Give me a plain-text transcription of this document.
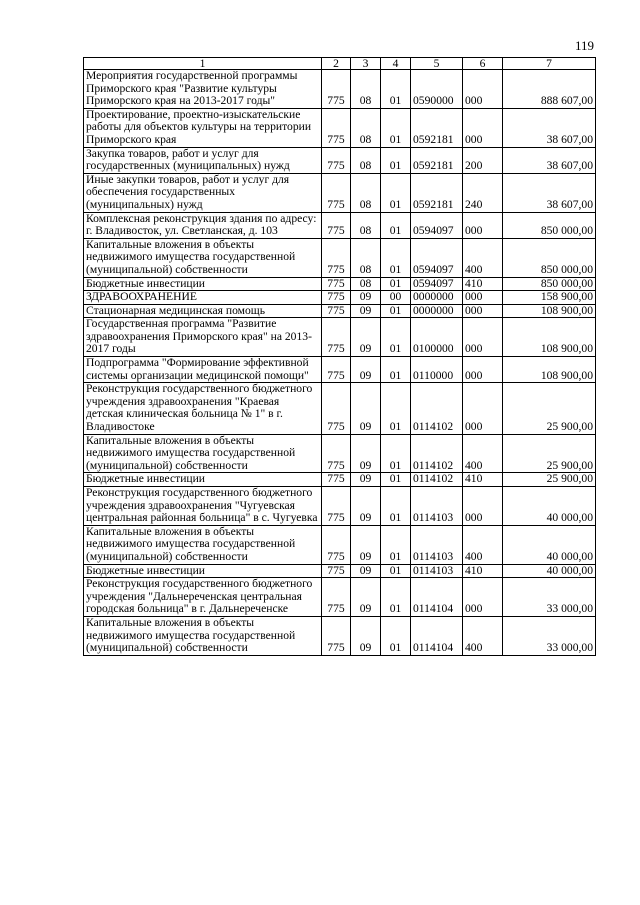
119
1	2	3	4	5	6	7
Мероприятия государственной программы Приморского края "Развитие культуры Приморского края на 2013-2017 годы"	775	08	01	0590000	000	888 607,00
Проектирование, проектно-изыскательские работы для объектов культуры на территории Приморского края	775	08	01	0592181	000	38 607,00
Закупка товаров, работ и услуг для государственных (муниципальных) нужд	775	08	01	0592181	200	38 607,00
Иные закупки товаров, работ и услуг для обеспечения государственных (муниципальных) нужд	775	08	01	0592181	240	38 607,00
Комплексная реконструкция здания по адресу: г. Владивосток, ул. Светланская, д. 103	775	08	01	0594097	000	850 000,00
Капитальные вложения в объекты недвижимого имущества государственной (муниципальной) собственности	775	08	01	0594097	400	850 000,00
Бюджетные инвестиции	775	08	01	0594097	410	850 000,00
ЗДРАВООХРАНЕНИЕ	775	09	00	0000000	000	158 900,00
Стационарная медицинская помощь	775	09	01	0000000	000	108 900,00
Государственная программа "Развитие здравоохранения Приморского края" на 2013-2017 годы	775	09	01	0100000	000	108 900,00
Подпрограмма "Формирование эффективной системы организации медицинской помощи"	775	09	01	0110000	000	108 900,00
Реконструкция государственного бюджетного учреждения здравоохранения "Краевая детская клиническая больница № 1" в г. Владивостоке	775	09	01	0114102	000	25 900,00
Капитальные вложения в объекты недвижимого имущества государственной (муниципальной) собственности	775	09	01	0114102	400	25 900,00
Бюджетные инвестиции	775	09	01	0114102	410	25 900,00
Реконструкция государственного бюджетного учреждения здравоохранения "Чугуевская центральная районная больница" в с. Чугуевка	775	09	01	0114103	000	40 000,00
Капитальные вложения в объекты недвижимого имущества государственной (муниципальной) собственности	775	09	01	0114103	400	40 000,00
Бюджетные инвестиции	775	09	01	0114103	410	40 000,00
Реконструкция государственного бюджетного учреждения "Дальнереченская центральная городская больница" в г. Дальнереченске	775	09	01	0114104	000	33 000,00
Капитальные вложения в объекты недвижимого имущества государственной (муниципальной) собственности	775	09	01	0114104	400	33 000,00
